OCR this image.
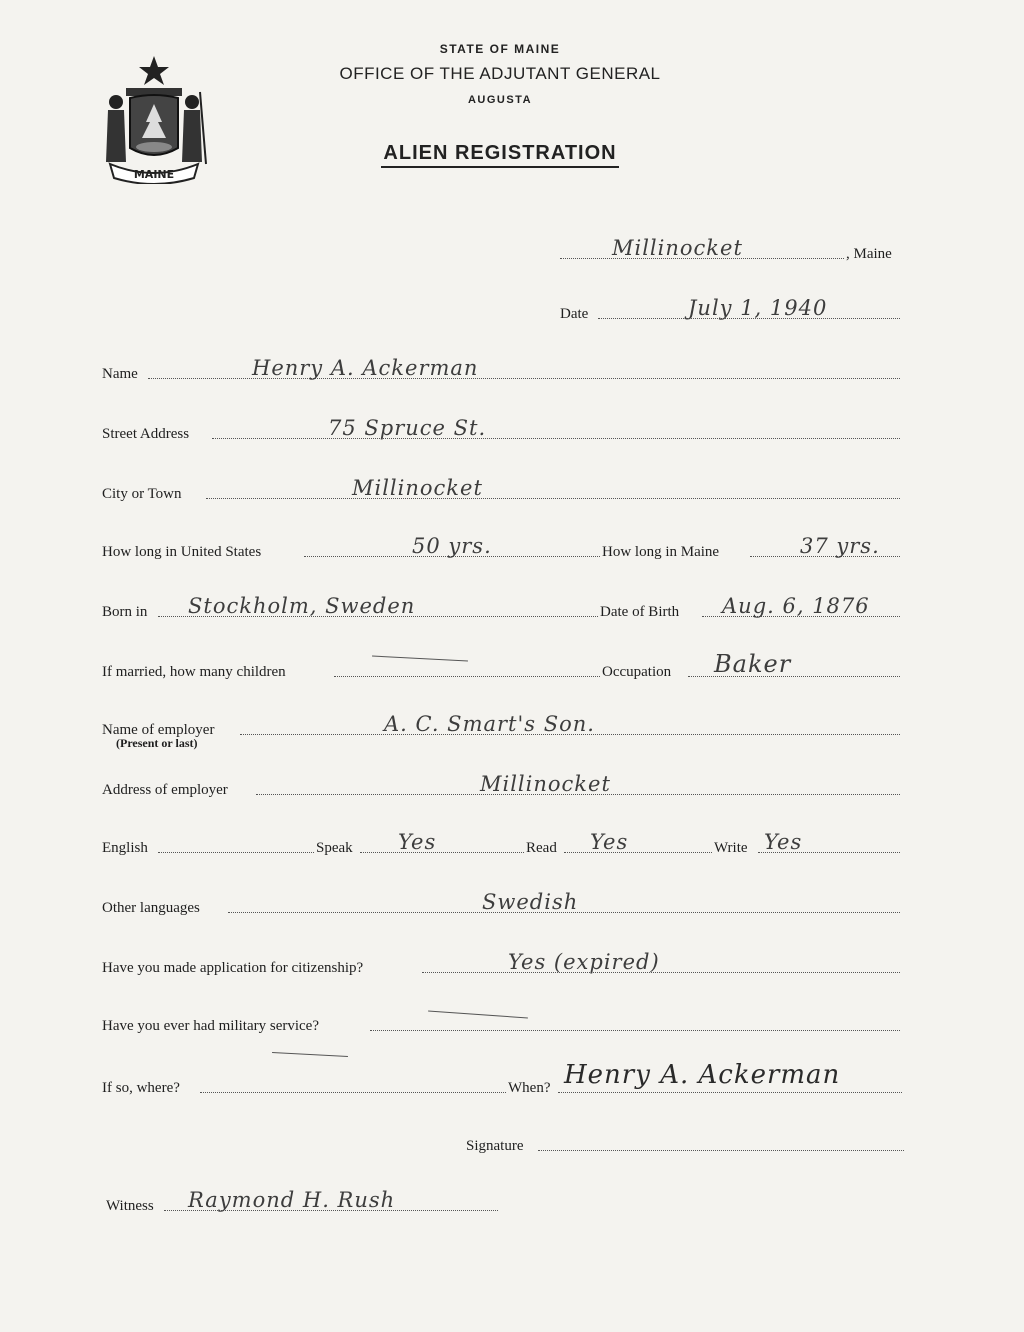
MAINE
STATE OF MAINE
OFFICE OF THE ADJUTANT GENERAL
AUGUSTA
ALIEN REGISTRATION
Millinocket	, Maine
Date	July 1, 1940
Name	Henry A. Ackerman
Street Address	75 Spruce St.
City or Town	Millinocket
How long in United States	50 yrs.	How long in Maine	37 yrs.
Born in Stockholm, Sweden	Date of Birth Aug. 6, 1876
If married, how many children	Occupation Baker
Name of employer	A. C. Smart's Son.
(Present or last)
Address of employer	Millinocket
English	Speak Yes	Read Yes	Write Yes
Other languages	Swedish
Have you made application for citizenship?	Yes (expired)
Have you ever had military service?
If so, where?	When? Henry A. Ackerman
Signature
Witness Raymond H. Rush
